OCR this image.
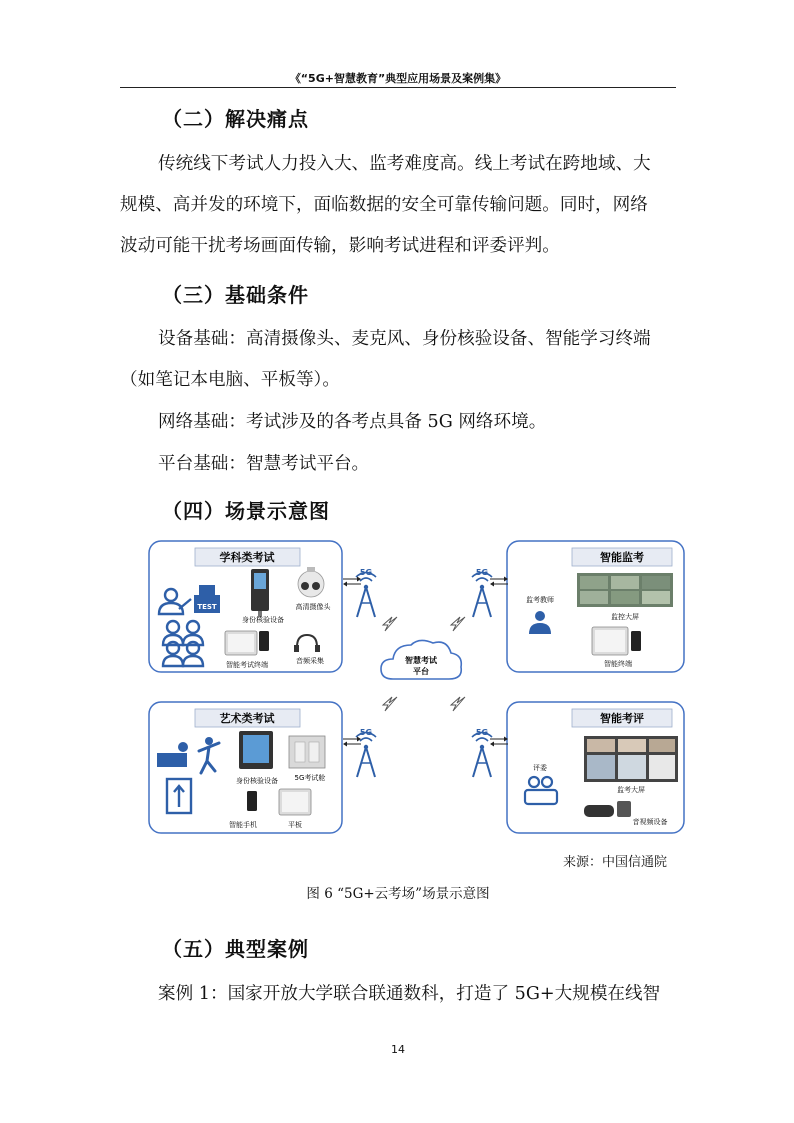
《“5G+智慧教育”典型应用场景及案例集》
（二）解决痛点
传统线下考试人力投入大、监考难度高。线上考试在跨地域、大
规模、高并发的环境下，面临数据的安全可靠传输问题。同时，网络
波动可能干扰考场画面传输，影响考试进程和评委评判。
（三）基础条件
设备基础：高清摄像头、麦克风、身份核验设备、智能学习终端
（如笔记本电脑、平板等）。
网络基础：考试涉及的各考点具备 5G 网络环境。
平台基础：智慧考试平台。
（四）场景示意图
学科类考试
TEST
身份核验设备
高清摄像头
智能考试终端	音频采集
艺术类考试
身份核验设备 5G考试舱
智能手机	平板
智能监考
监考教师
监控大屏
智能终端
智能考评
评委
监考大屏
音视频设备
5G	5G
5G	5G
智慧考试
平台
来源：中国信通院
图 6 “5G+云考场”场景示意图
（五）典型案例
案例 1：国家开放大学联合联通数科，打造了 5G+大规模在线智
14
